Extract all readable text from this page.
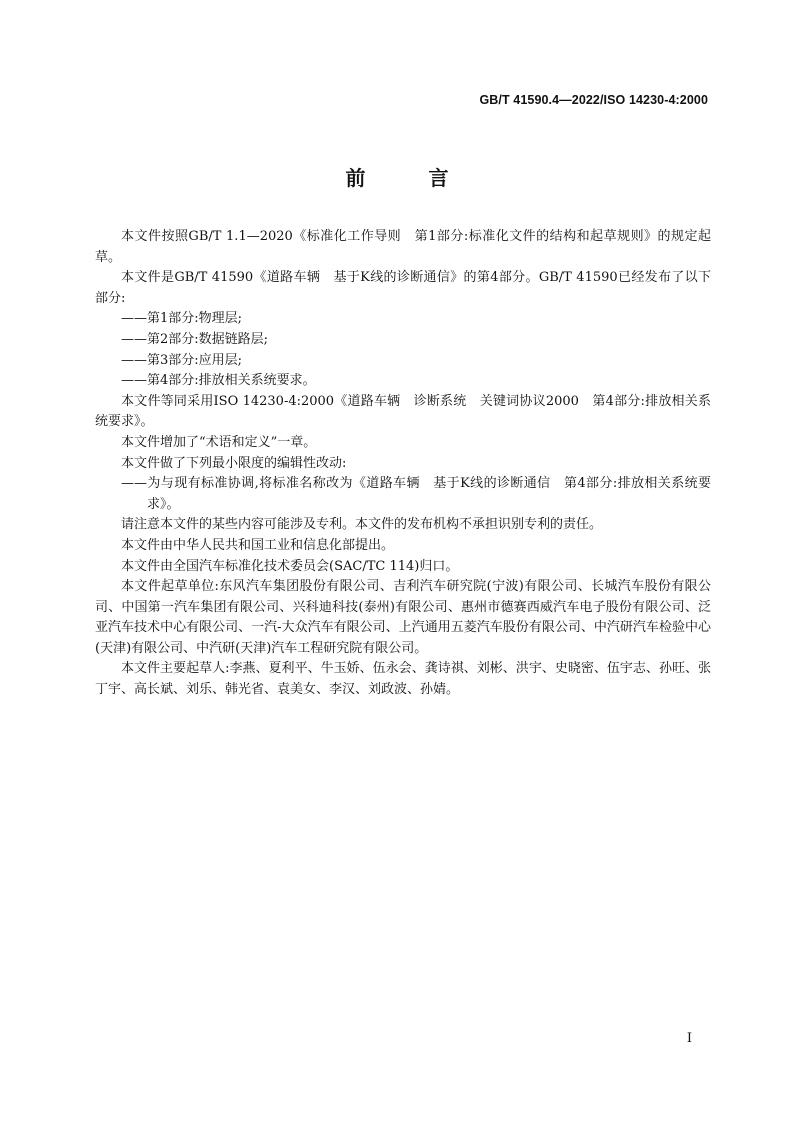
GB/T 41590.4—2022/ISO 14230-4:2000
前 言

本文件按照GB/T 1.1—2020《标准化工作导则　第1部分:标准化文件的结构和起草规则》的规定起草。

本文件是GB/T 41590《道路车辆　基于K线的诊断通信》的第4部分。GB/T 41590已经发布了以下部分:

——第1部分:物理层;

——第2部分:数据链路层;

——第3部分:应用层;

——第4部分:排放相关系统要求。

本文件等同采用ISO 14230-4:2000《道路车辆　诊断系统　关键词协议2000　第4部分:排放相关系统要求》。

本文件增加了“术语和定义”一章。

本文件做了下列最小限度的编辑性改动:

——为与现有标准协调,将标准名称改为《道路车辆　基于K线的诊断通信　第4部分:排放相关系统要求》。

请注意本文件的某些内容可能涉及专利。本文件的发布机构不承担识别专利的责任。

本文件由中华人民共和国工业和信息化部提出。

本文件由全国汽车标准化技术委员会(SAC/TC 114)归口。

本文件起草单位:东风汽车集团股份有限公司、吉利汽车研究院(宁波)有限公司、长城汽车股份有限公司、中国第一汽车集团有限公司、兴科迪科技(泰州)有限公司、惠州市德赛西威汽车电子股份有限公司、泛亚汽车技术中心有限公司、一汽-大众汽车有限公司、上汽通用五菱汽车股份有限公司、中汽研汽车检验中心(天津)有限公司、中汽研(天津)汽车工程研究院有限公司。

本文件主要起草人:李燕、夏利平、牛玉娇、伍永会、龚诗祺、刘彬、洪宇、史晓密、伍宇志、孙旺、张丁宇、高长斌、刘乐、韩光省、袁美女、李汉、刘政波、孙婧。

I
